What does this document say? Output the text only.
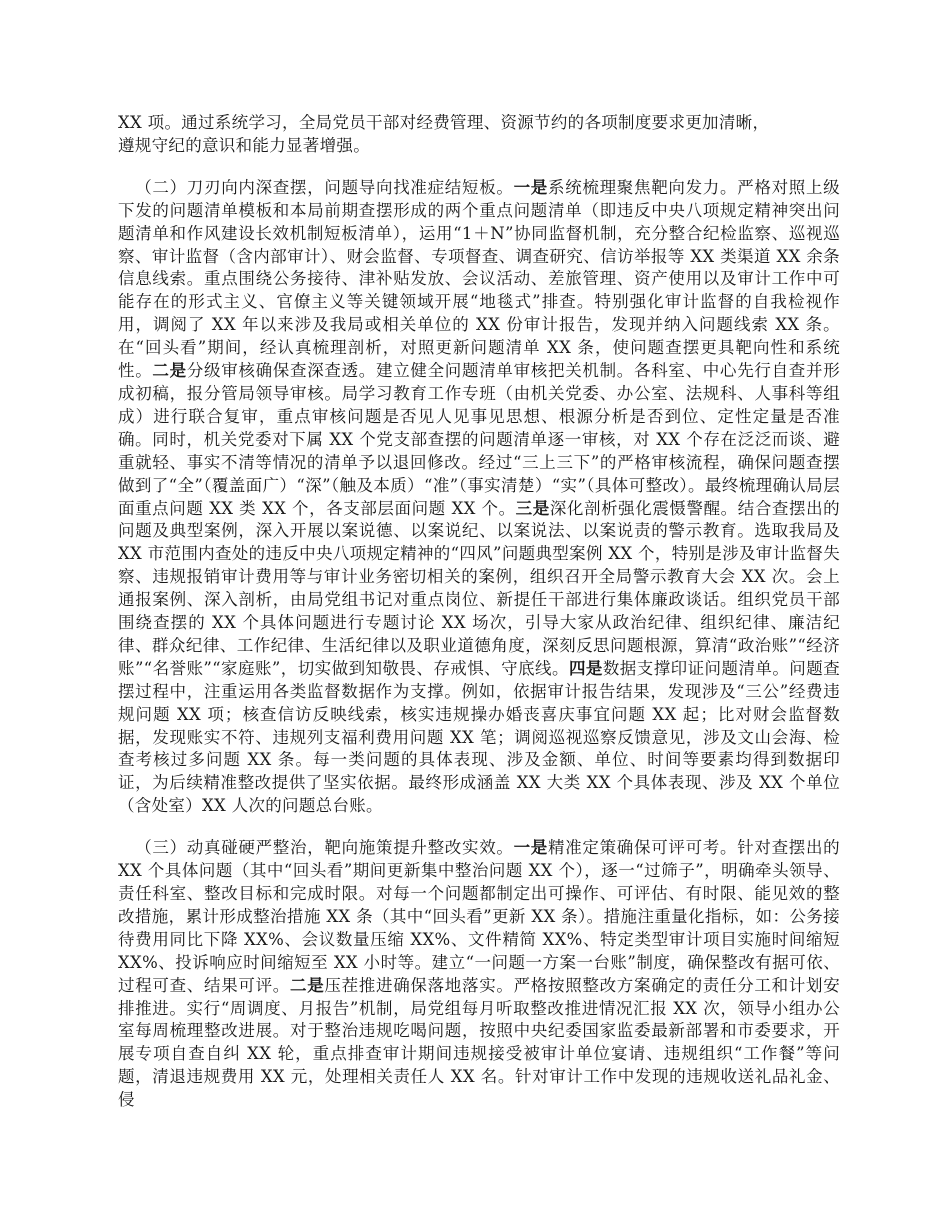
XX 项。通过系统学习，全局党员干部对经费管理、资源节约的各项制度要求更加清晰，
遵规守纪的意识和能力显著增强。

 （二）刀刃向内深查摆，问题导向找准症结短板。一是系统梳理聚焦靶向发力。严格对照上级下发的问题清单模板和本局前期查摆形成的两个重点问题清单（即违反中央八项规定精神突出问题清单和作风建设长效机制短板清单），运用“1＋N”协同监督机制，充分整合纪检监察、巡视巡察、审计监督（含内部审计）、财会监督、专项督查、调查研究、信访举报等 XX 类渠道 XX 余条信息线索。重点围绕公务接待、津补贴发放、会议活动、差旅管理、资产使用以及审计工作中可能存在的形式主义、官僚主义等关键领域开展“地毯式”排查。特别强化审计监督的自我检视作用，调阅了 XX 年以来涉及我局或相关单位的 XX 份审计报告，发现并纳入问题线索 XX 条。在“回头看”期间，经认真梳理剖析，对照更新问题清单 XX 条，使问题查摆更具靶向性和系统性。二是分级审核确保查深查透。建立健全问题清单审核把关机制。各科室、中心先行自查并形成初稿，报分管局领导审核。局学习教育工作专班（由机关党委、办公室、法规科、人事科等组成）进行联合复审，重点审核问题是否见人见事见思想、根源分析是否到位、定性定量是否准确。同时，机关党委对下属 XX 个党支部查摆的问题清单逐一审核，对 XX 个存在泛泛而谈、避重就轻、事实不清等情况的清单予以退回修改。经过“三上三下”的严格审核流程，确保问题查摆做到了“全”（覆盖面广）“深”（触及本质）“准”（事实清楚）“实”（具体可整改）。最终梳理确认局层面重点问题 XX 类 XX 个，各支部层面问题 XX 个。三是深化剖析强化震慑警醒。结合查摆出的问题及典型案例，深入开展以案说德、以案说纪、以案说法、以案说责的警示教育。选取我局及 XX 市范围内查处的违反中央八项规定精神的“四风”问题典型案例 XX 个，特别是涉及审计监督失察、违规报销审计费用等与审计业务密切相关的案例，组织召开全局警示教育大会 XX 次。会上通报案例、深入剖析，由局党组书记对重点岗位、新提任干部进行集体廉政谈话。组织党员干部围绕查摆的 XX 个具体问题进行专题讨论 XX 场次，引导大家从政治纪律、组织纪律、廉洁纪律、群众纪律、工作纪律、生活纪律以及职业道德角度，深刻反思问题根源，算清“政治账”“经济账”“名誉账”“家庭账”，切实做到知敬畏、存戒惧、守底线。四是数据支撑印证问题清单。问题查摆过程中，注重运用各类监督数据作为支撑。例如，依据审计报告结果，发现涉及“三公”经费违规问题 XX 项；核查信访反映线索，核实违规操办婚丧喜庆事宜问题 XX 起；比对财会监督数据，发现账实不符、违规列支福利费用问题 XX 笔；调阅巡视巡察反馈意见，涉及文山会海、检查考核过多问题 XX 条。每一类问题的具体表现、涉及金额、单位、时间等要素均得到数据印证，为后续精准整改提供了坚实依据。最终形成涵盖 XX 大类 XX 个具体表现、涉及 XX 个单位（含处室）XX 人次的问题总台账。

 （三）动真碰硬严整治，靶向施策提升整改实效。一是精准定策确保可评可考。针对查摆出的 XX 个具体问题（其中“回头看”期间更新集中整治问题 XX 个），逐一“过筛子”，明确牵头领导、责任科室、整改目标和完成时限。对每一个问题都制定出可操作、可评估、有时限、能见效的整改措施，累计形成整治措施 XX 条（其中“回头看”更新 XX 条）。措施注重量化指标，如：公务接待费用同比下降 XX%、会议数量压缩 XX%、文件精简 XX%、特定类型审计项目实施时间缩短 XX%、投诉响应时间缩短至 XX 小时等。建立“一问题一方案一台账”制度，确保整改有据可依、过程可查、结果可评。二是压茬推进确保落地落实。严格按照整改方案确定的责任分工和计划安排推进。实行“周调度、月报告”机制，局党组每月听取整改推进情况汇报 XX 次，领导小组办公室每周梳理整改进展。对于整治违规吃喝问题，按照中央纪委国家监委最新部署和市委要求，开展专项自查自纠 XX 轮，重点排查审计期间违规接受被审计单位宴请、违规组织“工作餐”等问题，清退违规费用 XX 元，处理相关责任人 XX 名。针对审计工作中发现的违规收送礼品礼金、侵
